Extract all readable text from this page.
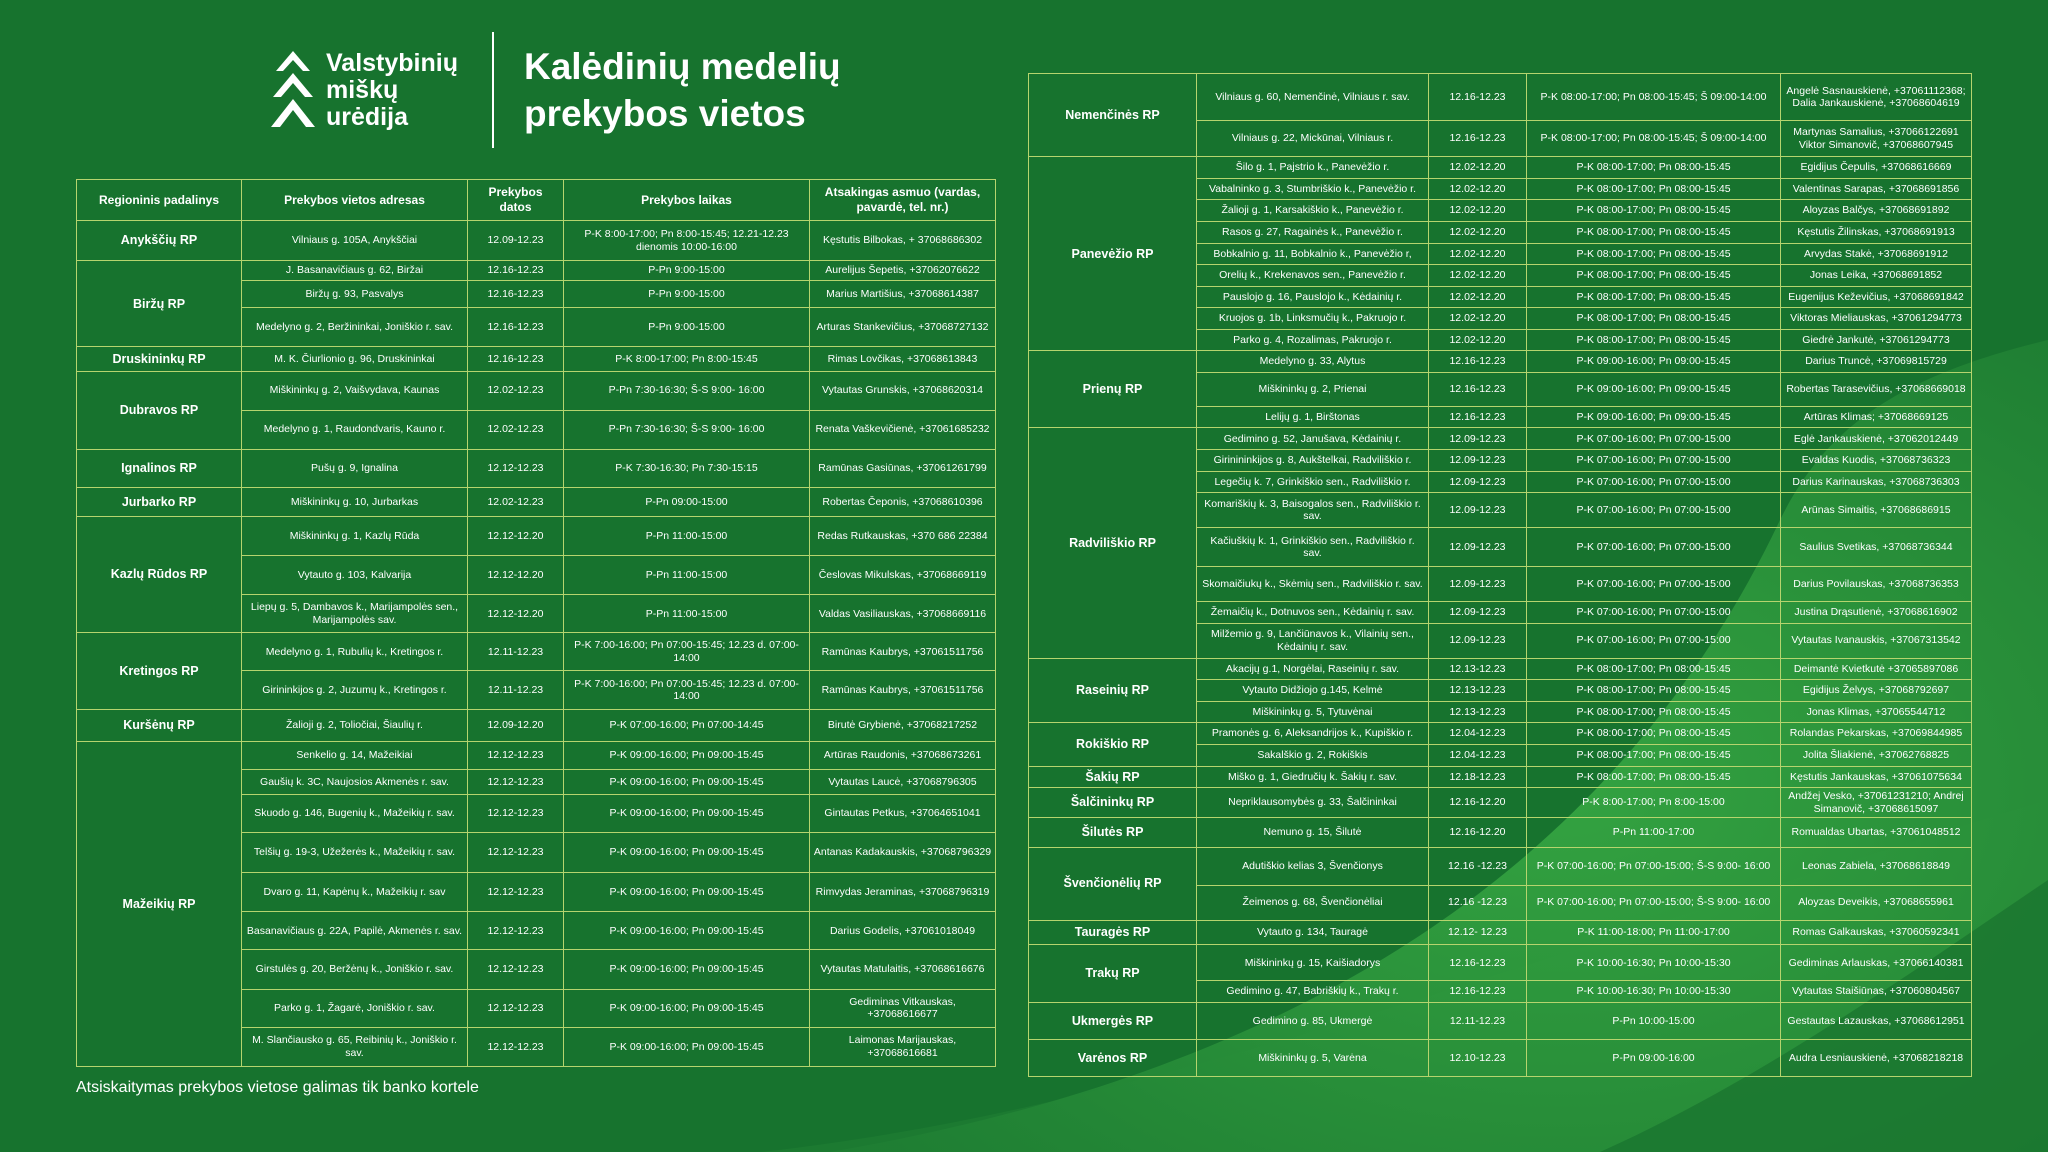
Valstybinių
miškų
urėdija
Kalėdinių medelių
prekybos vietos
Regioninis padalinys	Prekybos vietos adresas	Prekybos datos	Prekybos laikas	Atsakingas asmuo (vardas, pavardė, tel. nr.)
Anykščių RP	Vilniaus g. 105A, Anykščiai	12.09-12.23	P-K 8:00-17:00; Pn 8:00-15:45; 12.21-12.23 dienomis 10:00-16:00	Kęstutis Bilbokas, + 37068686302
Biržų RP	J. Basanavičiaus g. 62, Biržai	12.16-12.23	P-Pn 9:00-15:00	Aurelijus Šepetis, +37062076622
	Biržų g. 93, Pasvalys	12.16-12.23	P-Pn 9:00-15:00	Marius Martišius, +37068614387
	Medelyno g. 2, Beržininkai, Joniškio r. sav.	12.16-12.23	P-Pn 9:00-15:00	Arturas Stankevičius, +37068727132
Druskininkų RP	M. K. Čiurlionio g. 96, Druskininkai	12.16-12.23	P-K 8:00-17:00; Pn 8:00-15:45	Rimas Lovčikas, +37068613843
Dubravos RP	Miškininkų g. 2, Vaišvydava, Kaunas	12.02-12.23	P-Pn 7:30-16:30; Š-S 9:00- 16:00	Vytautas Grunskis, +37068620314
	Medelyno g. 1, Raudondvaris, Kauno r.	12.02-12.23	P-Pn 7:30-16:30; Š-S 9:00- 16:00	Renata Vaškevičienė, +37061685232
Ignalinos RP	Pušų g. 9, Ignalina	12.12-12.23	P-K 7:30-16:30; Pn 7:30-15:15	Ramūnas Gasiūnas, +37061261799
Jurbarko RP	Miškininkų g. 10, Jurbarkas	12.02-12.23	P-Pn 09:00-15:00	Robertas Čeponis, +37068610396
Kazlų Rūdos RP	Miškininkų g. 1, Kazlų Rūda	12.12-12.20	P-Pn 11:00-15:00	Redas Rutkauskas, +370 686 22384
	Vytauto g. 103, Kalvarija	12.12-12.20	P-Pn 11:00-15:00	Česlovas Mikulskas, +37068669119
	Liepų g. 5, Dambavos k., Marijampolės sen., Marijampolės sav.	12.12-12.20	P-Pn 11:00-15:00	Valdas Vasiliauskas, +37068669116
Kretingos RP	Medelyno g. 1, Rubulių k., Kretingos r.	12.11-12.23	P-K 7:00-16:00; Pn 07:00-15:45; 12.23 d. 07:00-14:00	Ramūnas Kaubrys, +37061511756
	Girininkijos g. 2, Juzumų k., Kretingos r.	12.11-12.23	P-K 7:00-16:00; Pn 07:00-15:45; 12.23 d. 07:00-14:00	Ramūnas Kaubrys, +37061511756
Kuršėnų RP	Žalioji g. 2, Toliočiai, Šiaulių r.	12.09-12.20	P-K 07:00-16:00; Pn 07:00-14:45	Birutė Grybienė, +37068217252
Mažeikių RP	Senkelio g. 14, Mažeikiai	12.12-12.23	P-K 09:00-16:00; Pn 09:00-15:45	Artūras Raudonis, +37068673261
	Gaušių k. 3C, Naujosios Akmenės r. sav.	12.12-12.23	P-K 09:00-16:00; Pn 09:00-15:45	Vytautas Laucė, +37068796305
	Skuodo g. 146, Bugenių k., Mažeikių r. sav.	12.12-12.23	P-K 09:00-16:00; Pn 09:00-15:45	Gintautas Petkus, +37064651041
	Telšių g. 19-3, Užežerės k., Mažeikių r. sav.	12.12-12.23	P-K 09:00-16:00; Pn 09:00-15:45	Antanas Kadakauskis, +37068796329
	Dvaro g. 11, Kapėnų k., Mažeikių r. sav	12.12-12.23	P-K 09:00-16:00; Pn 09:00-15:45	Rimvydas Jeraminas, +37068796319
	Basanavičiaus g. 22A, Papilė, Akmenės r. sav.	12.12-12.23	P-K 09:00-16:00; Pn 09:00-15:45	Darius Godelis, +37061018049
	Girstulės g. 20, Beržėnų k., Joniškio r. sav.	12.12-12.23	P-K 09:00-16:00; Pn 09:00-15:45	Vytautas Matulaitis, +37068616676
	Parko g. 1, Žagarė, Joniškio r. sav.	12.12-12.23	P-K 09:00-16:00; Pn 09:00-15:45	Gediminas Vitkauskas, +37068616677
	M. Slančiausko g. 65, Reibinių k., Joniškio r. sav.	12.12-12.23	P-K 09:00-16:00; Pn 09:00-15:45	Laimonas Marijauskas, +37068616681
Nemenčinės RP	Vilniaus g. 60, Nemenčinė, Vilniaus r. sav.	12.16-12.23	P-K 08:00-17:00; Pn 08:00-15:45; Š 09:00-14:00	Angelė Sasnauskienė, +37061112368; Dalia Jankauskienė, +37068604619
	Vilniaus g. 22, Mickūnai, Vilniaus r.	12.16-12.23	P-K 08:00-17:00; Pn 08:00-15:45; Š 09:00-14:00	Martynas Samalius, +37066122691 Viktor Simanovič, +37068607945
Panevėžio RP	Šilo g. 1, Pajstrio k., Panevėžio r.	12.02-12.20	P-K 08:00-17:00; Pn 08:00-15:45	Egidijus Čepulis, +37068616669
	Vabalninko g. 3, Stumbriškio k., Panevėžio r.	12.02-12.20	P-K 08:00-17:00; Pn 08:00-15:45	Valentinas Sarapas, +37068691856
	Žalioji g. 1, Karsakiškio k., Panevėžio r.	12.02-12.20	P-K 08:00-17:00; Pn 08:00-15:45	Aloyzas Balčys, +37068691892
	Rasos g. 27, Ragainės k., Panevėžio r.	12.02-12.20	P-K 08:00-17:00; Pn 08:00-15:45	Kęstutis Žilinskas, +37068691913
	Bobkalnio g. 11, Bobkalnio k., Panevėžio r,	12.02-12.20	P-K 08:00-17:00; Pn 08:00-15:45	Arvydas Stakė, +37068691912
	Orelių k., Krekenavos sen., Panevėžio r.	12.02-12.20	P-K 08:00-17:00; Pn 08:00-15:45	Jonas Leika, +37068691852
	Pauslojo g. 16, Pauslojo k., Kėdainių r.	12.02-12.20	P-K 08:00-17:00; Pn 08:00-15:45	Eugenijus Keževičius, +37068691842
	Kruojos g. 1b, Linksmučių k., Pakruojo r.	12.02-12.20	P-K 08:00-17:00; Pn 08:00-15:45	Viktoras Mieliauskas, +37061294773
	Parko g. 4, Rozalimas, Pakruojo r.	12.02-12.20	P-K 08:00-17:00; Pn 08:00-15:45	Giedrė Jankutė, +37061294773
Prienų RP	Medelyno g. 33, Alytus	12.16-12.23	P-K 09:00-16:00; Pn 09:00-15:45	Darius Truncė, +37069815729
	Miškininkų g. 2, Prienai	12.16-12.23	P-K 09:00-16:00; Pn 09:00-15:45	Robertas Tarasevičius, +37068669018
	Lelijų g. 1, Birštonas	12.16-12.23	P-K 09:00-16:00; Pn 09:00-15:45	Artūras Klimas; +37068669125
Radviliškio RP	Gedimino g. 52, Janušava, Kėdainių r.	12.09-12.23	P-K 07:00-16:00; Pn 07:00-15:00	Eglė Jankauskienė, +37062012449
	Girinininkijos g. 8, Aukštelkai, Radviliškio r.	12.09-12.23	P-K 07:00-16:00; Pn 07:00-15:00	Evaldas Kuodis, +37068736323
	Legečių k. 7, Grinkiškio sen., Radviliškio r.	12.09-12.23	P-K 07:00-16:00; Pn 07:00-15:00	Darius Karinauskas, +37068736303
	Komariškių k. 3, Baisogalos sen., Radviliškio r. sav.	12.09-12.23	P-K 07:00-16:00; Pn 07:00-15:00	Arūnas Simaitis, +37068686915
	Kačiuškių k. 1, Grinkiškio sen., Radviliškio r. sav.	12.09-12.23	P-K 07:00-16:00; Pn 07:00-15:00	Saulius Svetikas, +37068736344
	Skomaičiukų k., Skėmių sen., Radviliškio r. sav.	12.09-12.23	P-K 07:00-16:00; Pn 07:00-15:00	Darius Povilauskas, +37068736353
	Žemaičių k., Dotnuvos sen., Kėdainių r. sav.	12.09-12.23	P-K 07:00-16:00; Pn 07:00-15:00	Justina Drąsutienė, +37068616902
	Milžemio g. 9, Lančiūnavos k., Vilainių sen., Kėdainių r. sav.	12.09-12.23	P-K 07:00-16:00; Pn 07:00-15:00	Vytautas Ivanauskis, +37067313542
Raseinių RP	Akacijų g.1, Norgėlai, Raseinių r. sav.	12.13-12.23	P-K 08:00-17:00; Pn 08:00-15:45	Deimantė Kvietkutė +37065897086
	Vytauto Didžiojo g.145, Kelmė	12.13-12.23	P-K 08:00-17:00; Pn 08:00-15:45	Egidijus Želvys, +37068792697
	Miškininkų g. 5, Tytuvėnai	12.13-12.23	P-K 08:00-17:00; Pn 08:00-15:45	Jonas Klimas, +37065544712
Rokiškio RP	Pramonės g. 6, Aleksandrijos k., Kupiškio r.	12.04-12.23	P-K 08:00-17:00; Pn 08:00-15:45	Rolandas Pekarskas, +37069844985
	Sakalškio g. 2, Rokiškis	12.04-12.23	P-K 08:00-17:00; Pn 08:00-15:45	Jolita Šliakienė, +37062768825
Šakių RP	Miško g. 1, Giedručių k. Šakių r. sav.	12.18-12.23	P-K 08:00-17:00; Pn 08:00-15:45	Kęstutis Jankauskas, +37061075634
Šalčininkų RP	Nepriklausomybės g. 33, Šalčininkai	12.16-12.20	P-K 8:00-17:00; Pn 8:00-15:00	Andžej Vesko, +37061231210; Andrej Simanovič, +37068615097
Šilutės RP	Nemuno g. 15, Šilutė	12.16-12.20	P-Pn 11:00-17:00	Romualdas Ubartas, +37061048512
Švenčionėlių RP	Adutiškio kelias 3, Švenčionys	12.16 -12.23	P-K 07:00-16:00; Pn 07:00-15:00; Š-S 9:00- 16:00	Leonas Zabiela, +37068618849
	Žeimenos g. 68, Švenčionėliai	12.16 -12.23	P-K 07:00-16:00; Pn 07:00-15:00; Š-S 9:00- 16:00	Aloyzas Deveikis, +37068655961
Tauragės RP	Vytauto g. 134, Tauragė	12.12- 12.23	P-K 11:00-18:00; Pn 11:00-17:00	Romas Galkauskas, +37060592341
Trakų RP	Miškininkų g. 15, Kaišiadorys	12.16-12.23	P-K 10:00-16:30; Pn 10:00-15:30	Gediminas Arlauskas, +37066140381
	Gedimino g. 47, Babriškių k., Trakų r.	12.16-12.23	P-K 10:00-16:30; Pn 10:00-15:30	Vytautas Staišiūnas, +37060804567
Ukmergės RP	Gedimino g. 85, Ukmergė	12.11-12.23	P-Pn 10:00-15:00	Gestautas Lazauskas, +37068612951
Varėnos RP	Miškininkų g. 5, Varėna	12.10-12.23	P-Pn 09:00-16:00	Audra Lesniauskienė, +37068218218
Atsiskaitymas prekybos vietose galimas tik banko kortele
